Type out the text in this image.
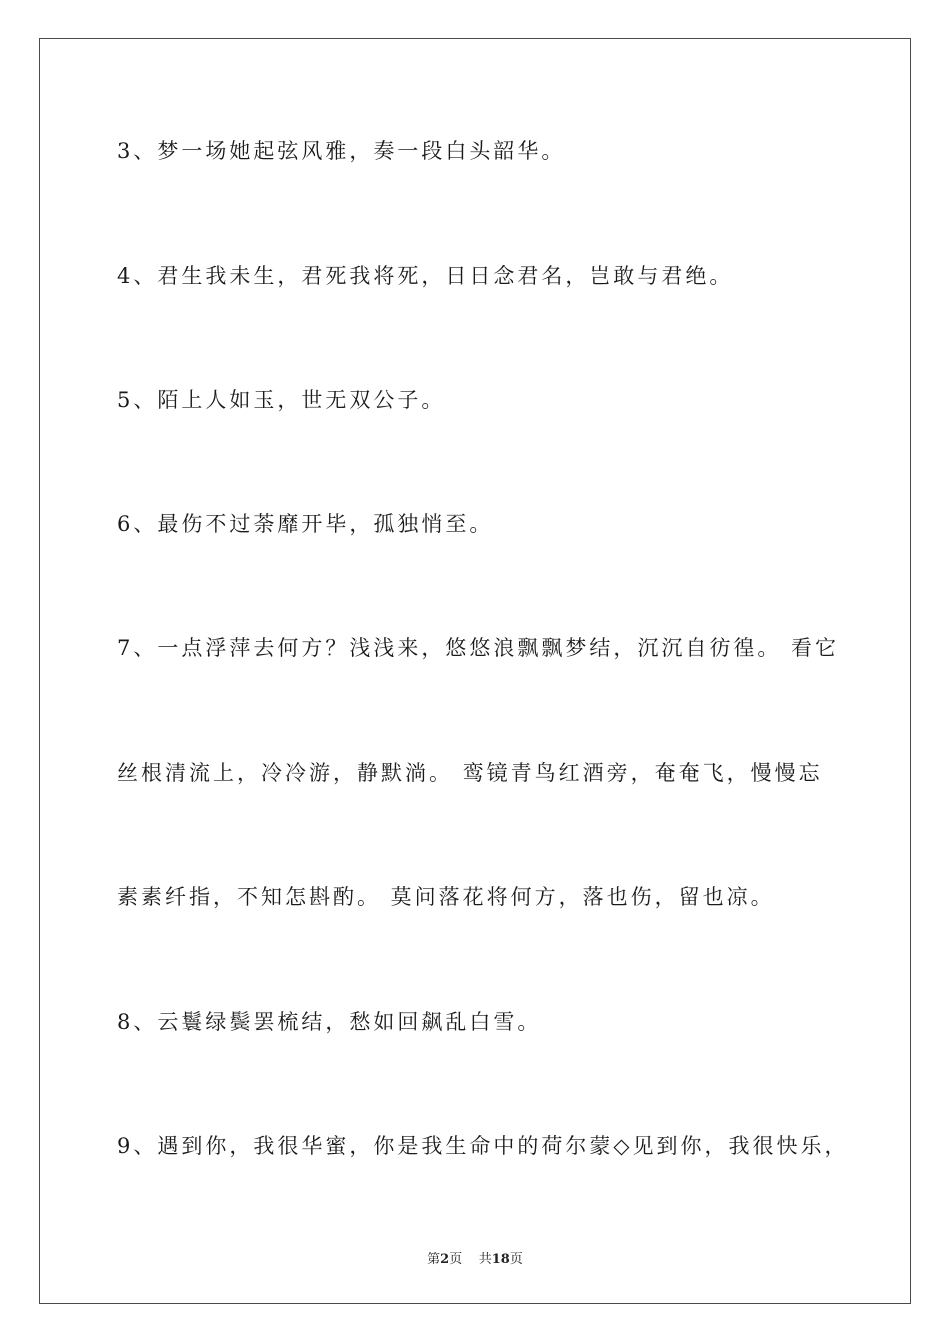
3、梦一场她起弦风雅，奏一段白头韶华。
4、君生我未生，君死我将死，日日念君名，岂敢与君绝。
5、陌上人如玉，世无双公子。
6、最伤不过荼靡开毕，孤独悄至。
7、一点浮萍去何方？浅浅来，悠悠浪飘飘梦结，沉沉自彷徨。 看它
丝根清流上，冷冷游，静默淌。 鸾镜青鸟红酒旁，奄奄飞，慢慢忘
素素纤指，不知怎斟酌。 莫问落花将何方，落也伤，留也凉。
8、云鬟绿鬓罢梳结，愁如回飙乱白雪。
9、遇到你，我很华蜜，你是我生命中的荷尔蒙◇见到你，我很快乐，
第2页 共18页
